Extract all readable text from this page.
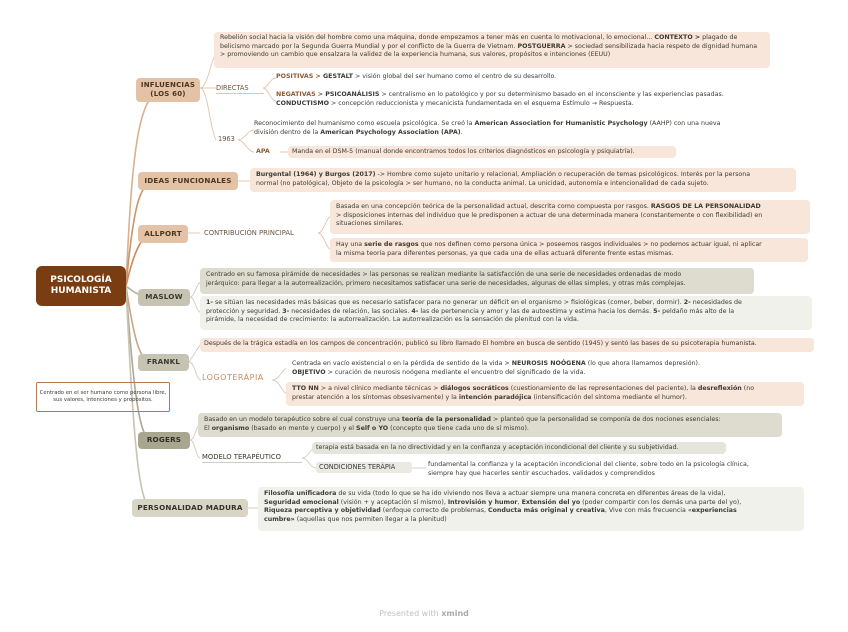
PSICOLOGÍA HUMANISTA
Centrado en el ser humano como persona libre, sus valores, intenciones y propósitos.
INFLUENCIAS (LOS 60)
Rebelión social hacia la visión del hombre como una máquina, donde empezamos a tener más en cuenta lo motivacional, lo emocional... CONTEXTO > plagado de belicismo marcado por la Segunda Guerra Mundial y por el conflicto de la Guerra de Vietnam. POSTGUERRA > sociedad sensibilizada hacia respeto de dignidad humana > promoviendo un cambio que ensalzara la validez de la experiencia humana, sus valores, propósitos e intenciones (EEUU)
DIRECTAS
POSITIVAS > GESTALT > visión global del ser humano como el centro de su desarrollo.
NEGATIVAS > PSICOANÁLISIS > centralismo en lo patológico y por su determinismo basado en el inconsciente y las experiencias pasadas.
CONDUCTISMO > concepción reduccionista y mecanicista fundamentada en el esquema Estímulo → Respuesta.
1963
Reconocimiento del humanismo como escuela psicológica. Se creó la American Association for Humanistic Psychology (AAHP) con una nueva
división dentro de la American Psychology Association (APA).
APA	Manda en el DSM-5 (manual donde encontramos todos los criterios diagnósticos en psicología y psiquiatría).
IDEAS FUNCIONALES
Burgental (1964) y Burgos (2017) -> Hombre como sujeto unitario y relacional, Ampliación o recuperación de temas psicológicos. Interés por la persona
normal (no patológica), Objeto de la psicología > ser humano, no la conducta animal. La unicidad, autonomía e intencionalidad de cada sujeto.
ALLPORT	CONTRIBUCIÓN PRINCIPAL
Basada en una concepción teórica de la personalidad actual, descrita como compuesta por rasgos. RASGOS DE LA PERSONALIDAD
> disposiciones internas del individuo que le predisponen a actuar de una determinada manera (constantemente o con flexibilidad) en
situaciones similares.
Hay una serie de rasgos que nos definen como persona única > poseemos rasgos individuales > no podemos actuar igual, ni aplicar
la misma teoría para diferentes personas, ya que cada una de ellas actuará diferente frente estas mismas.
MASLOW
Centrado en su famosa pirámide de necesidades > las personas se realizan mediante la satisfacción de una serie de necesidades ordenadas de modo
jerárquico: para llegar a la autorrealización, primero necesitamos satisfacer una serie de necesidades, algunas de ellas simples, y otras más complejas.
1- se sitúan las necesidades más básicas que es necesario satisfacer para no generar un déficit en el organismo > fisiológicas (comer, beber, dormir). 2- necesidades de
protección y seguridad. 3- necesidades de relación, las sociales. 4- las de pertenencia y amor y las de autoestima y estima hacia los demás. 5- peldaño más alto de la
pirámide, la necesidad de crecimiento: la autorrealización. La autorrealización es la sensación de plenitud con la vida.
FRANKL
Después de la trágica estadía en los campos de concentración, publicó su libro llamado El hombre en busca de sentido (1945) y sentó las bases de su psicoterapia humanista.
LOGOTERÁPIA
Centrada en vacío existencial o en la pérdida de sentido de la vida > NEUROSIS NOÓGENA (lo que ahora llamamos depresión).
OBJETIVO > curación de neurosis noógena mediante el encuentro del significado de la vida.
TTO NN > a nivel clínico mediante técnicas > diálogos socráticos (cuestionamiento de las representaciones del paciente), la desreflexión (no
prestar atención a los síntomas obsesivamente) y la intención paradójica (intensificación del síntoma mediante el humor).
ROGERS
Basado en un modelo terapéutico sobre el cual construye una teoría de la personalidad > planteó que la personalidad se componía de dos nociones esenciales:
El organismo (basado en mente y cuerpo) y el Self o YO (concepto que tiene cada uno de sí mismo).
MODELO TERAPÉUTICO
terapia está basada en la no directividad y en la confianza y aceptación incondicional del cliente y su subjetividad.
CONDICIONES TERÁPIA	fundamental la confianza y la aceptación incondicional del cliente, sobre todo en la psicología clínica,
siempre hay que hacerles sentir escuchados, validados y comprendidos
PERSONALIDAD MADURA
Filosofía unificadora de su vida (todo lo que se ha ido viviendo nos lleva a actuar siempre una manera concreta en diferentes áreas de la vida),
Seguridad emocional (visión + y aceptación sí mismo), Introvisión y humor, Extensión del yo (poder compartir con los demás una parte del yo),
Riqueza perceptiva y objetividad (enfoque correcto de problemas, Conducta más original y creativa, Vive con más frecuencia «experiencias
cumbre» (aquellas que nos permiten llegar a la plenitud)
Presented with xmind
